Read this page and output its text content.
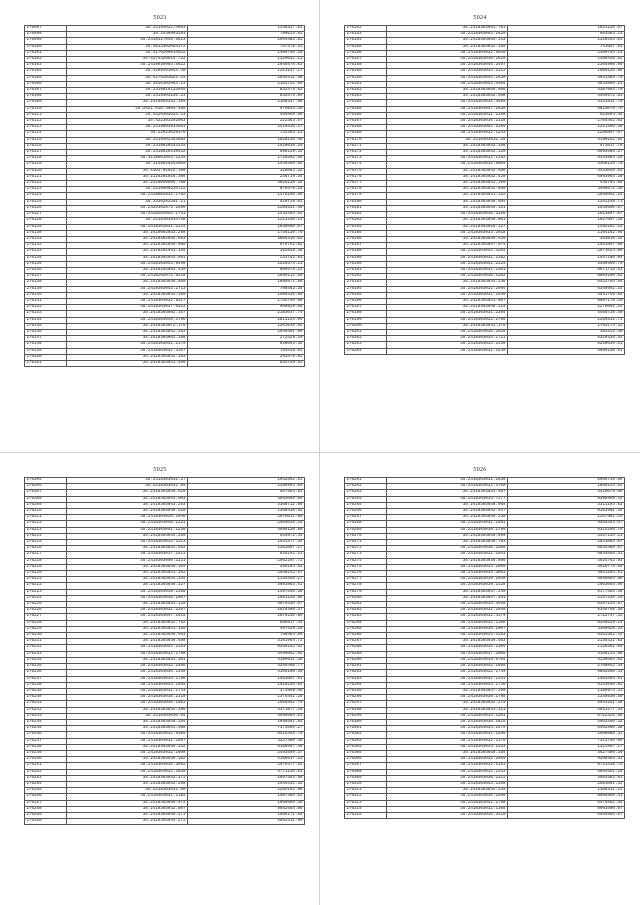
5023
276097	35.2419202174663	1336427.01
276098	35.2430993193	788614.62
276099	35.2418327046.5623	2964483.81
276100	35.4013302054372	737376.31
276101	35.4170200014832	1480756.18
276102	35.4274320614.722	1320032.12
276103	35.2418039963.5622	2045576.63
276104	35.4209363843.40	1213137.17
276105	35.4275203023.14	2694412.58
276106	35.3916103963.23	2153741.69
276107	35.2418019133045	832475.62
276108	35.2419303226.23	833473.89
276109	35.2419603332.194	2160337.56
276110	35.2621.010.3083.489	979834.39
276111	35.4320302033.13	455999.98
276112	35.422303202063	222363.57
276113	35.2419603833561	2415415.27
276114	35.22623026376	732303.13
276115	35.2419202353682	1828136.46
276116	35.2418020243319	1529039.29
276117	35.2418620319932	696139.34
276118	35.3118601043.2334	1720302.65
276119	35.3146020243059	1449309.55
276120	35.4303.01024.169	328083.32
276121	35.2116201016.306	236719.34
276122	35.2419040094.788	4816228.35
276123	35.2419600234722	879376.26
276124	35.2418002632.1792	1376196.56
276125	35.2416202201.21	520726.01
276126	35.2420302673.2599	2285531.40
276127	35.2418203053.1791	1432403.52
276128	35.2418103934738	1213336.13
276129	35.2418301031.1214	1838666.07
276130	35.2419602033.298	1736139.79
276131	35.2418302034.653	3605316.02
276132	35.2418302036.966	879752.62
276133	35.2418202043.104	392838.38
276134	35.2418302043.891	233762.81
276135	35.2418303043.8496	1520373.21
276136	35.2418203053.439	869575.23
276137	35.2418202072.9218	2689112.50
276138	35.2418303036.850	1886971.89
276139	35.2418303043.2713	798462.34
276140	35.2418303043.169	1989335.89
276141	35.2418303032.9317	1792759.60
276142	35.2418303037.6412	968828.85
276143	35.2418303082.157	2183037.75
276144	35.2418303046.3796	2811124.09
276145	35.2418303072.176	1201639.92
276146	35.2418303042.263	2945401.89
276147	35.2418303051.358	272428.20
276148	35.2418303042.2170	848093.36
276149	35.2418303041.3167	764438.83
276150	35.2418303032.163	293475.82
276151	35.2418303041.486	634759.92
5024
276152	35.2418303051.781	1823120.07
276153	35.2418303053.1629	963483.13
276154	35.2418303053.143	1320343.03
276155	35.2418303032.169	741667.93
276156	35.2418303032.9035	2380793.14
276157	35.2418303036.1625	2396436.52
276158	35.2418303046.2497	2364908.06
276159	35.2418303033.1212	1089126.86
276160	35.2418303044.2430	3031469.70
276161	35.2418303043.6364	3633866.21
276162	35.2418303046.966	3387803.70
276163	35.2418303032.568	3469972.61
276164	35.2418303032.4484	3141531.78
276165	35.2418303047.1638	6615076.76
276166	35.2418303031.1268	923094.45
276167	35.2418303036.2118	1784462.02
276168	35.2418303052.1264	2211366.30
276169	35.2418303032.1243	1286697.07
276170	35.2418303032.26	4190152.54
276171	35.2418303032.168	572017.76
276172	35.2418303032.120	6993586.37
276173	35.2418303032.1192	9344883.16
276174	35.2418303032.6004	4366125.76
276175	35.2418303032.696	3443049.92
276176	35.2418303032.420	6993964.30
276177	35.2418303032.100	446781.09
276178	35.2418303032.880	3466672.36
276179	35.2418303031.152	2695091.24
276180	35.2418303038.604	1251246.71
276181	35.2418303035.161	2549650.07
276182	35.2418303035.3195	1613897.67
276183	35.2418303030.801	1627607.26
276184	35.2418303028.127	1484181.14
276185	35.2418303033.2018	2104162.95
276186	35.2418303036.639	353810.34
276187	35.2418303047.074	1951697.60
276188	35.2418303044.4204	2071024.89
276189	35.2418303031.1182	1547186.04
276190	35.2418303041.2224	3459469.70
276191	35.2418303031.1301	6671715.51
276192	35.2418303036.1282	8883100.62
276193	35.2418303034.236	6433764.55
276194	35.2418303032.2994	6349561.14
276195	35.2418303031.1449	4541759.64
276196	35.2418303031.607	8987178.10
276197	35.2418303048.123	2270091.24
276198	35.2418303031.2204	4466738.40
276199	35.2418303032.2706	2264631.71
276200	35.2418303031.175	1703174.32
276201	35.2418303036.2016	383332.40
276202	35.2418303033.1721	6319336.34
276203	35.2418303033.1436	5250639.61
276204	35.2418303031.1440	5689198.61
5025
276205	35.2418303032.27	2942562.53
276206	35.2418303032.84	2396993.09
276207	35.2418303046.616	657903.81
276208	35.2418303043.503	3063068.05
276209	35.2418303043.253	3368712.86
276210	35.2418303046.526	1368438.82
276211	35.2418303036.1046	2076011.80
276212	35.2418303048.1221	2565038.28
276213	35.2418303051.1239	4086120.80
276214	35.2418303034.259	534872.44
276215	35.2418303033.1213	1441377.34
276216	35.2418303032.652	1281607.27
276217	35.2418303037.1413	835251.31
276218	35.2418303050.1221	1962207.71
276219	35.2418303035.164	295184.91
276220	35.2418303031.162	2558243.97
276221	35.2418303034.344	1134348.27
276222	35.2418303036.327	3683863.51
276223	35.2418303038.2168	1497646.38
276224	35.2418303036.2087	1681228.66
276225	35.2418303033.110	4675330.07
276226	35.2418303031.2397	2615398.37
276227	35.2418303047.1015	2870238.89
276228	35.2418303032.762	856817.42
276229	35.2418303031.165	497526.28
276230	35.2418303045.463	758484.80
276231	35.2418303036.650	3181964.72
276232	35.2418303044.2153	8265152.62
276233	35.2418303032.1798	3499052.92
276234	35.2418303033.301	3180931.36
276235	35.2418303032.1556	3265498.77
276236	35.2418303036.1345	3165108.36
276237	35.2418303034.1798	1401057.61
276238	35.2418303043.1944	1010236.04
276239	35.2418303031.1741	373958.56
276240	35.2418303035.2310	1375441.25
276241	35.2418303036.1561	1565552.79
276242	35.2418303032.266	3371877.20
276243	35.2418303036.64	4986664.81
276244	35.2418303036.254	1695591.54
276245	35.2418303031.588	7373566.27
276246	35.2418303032.9305	6414345.78
276247	35.2418303031.1897	3237380.46
276248	35.2418303035.142	8168557.38
276249	35.2418303032.1608	2493599.37
276250	35.2418303036.162	4166637.53
276251	35.2418303035.3092	2979377.52
276252	35.2418303032.1030	4771130.61
276253	35.2418303032.372	2697453.98
276254	35.2418303032.256	2544431.32
276255	35.2418303032.99	2264152.96
276256	35.2418303031.1182	1987385.62
276257	35.2418303036.972	1866699.38
276258	35.2418303032.807	8652554.86
276259	35.2418303036.273	1566171.55
276260	35.2418303034.272	5852411.99
5026
276261	35.2418303031.1036	8906739.96
276262	35.2418303032.3760	1869233.52
276263	35.2418303033.567	4410679.96
276264	35.2418303034.7277	8386998.43
276265	35.2418303036.965	3311193.62
276266	35.2418303032.547	8163901.34
276267	35.2418303036.230	1257981.19
276268	35.2418303031.1991	9465393.67
276269	35.2418303036.1799	6314296.78
276270	35.2418303035.694	3347134.13
276271	35.2418303036.783	2831604.67
276272	35.2418303038.3369	6635389.67
276273	35.2418303031.1041	6644655.31
276274	35.2418303036.806	3624762.93
276275	35.2418303033.2069	3618774.69
276276	35.2418303039.3051	4651254.91
276277	35.2418303039.2049	6956664.90
276278	35.2418303039.2128	2963054.96
276279	35.2418303037.240	5177453.36
276280	35.2418303037.391	2137336.19
276281	35.2418303034.3459	6397233.87
276282	35.2418303032.2049	6345758.36
276283	35.2418303032.4174	1722747.32
276284	35.2418303032.1166	8356629.23
276285	35.2418303036.2007	3360528.33
276286	35.2418303034.4163	8351362.43
276287	35.2418303036.553	2135322.62
276288	35.2418303035.1304	1135362.05
276289	35.2418303037.2005	4156213.56
276290	35.2418303039.5764	4138693.62
276291	35.2418303042.1059	2760842.39
276292	35.2418303032.1744	9852566.43
276293	35.2418303041.1341	1483464.61
276294	35.2418303043.1736	6143646.82
276295	35.2418303037.290	1188973.31
276296	35.2418303036.1795	2335630.50
276297	35.2418303032.274	5943251.36
276298	35.2418303033.311	5613177.43
276299	35.2418303034.1201	6712326.56
276300	35.2418303036.1615	3963350.32
276301	35.2418303034.1575	6452860.38
276302	35.2418303031.1456	2568686.31
276303	35.2418303032.1376	7313765.09
276304	35.2418303033.1233	1111957.17
276305	35.2418303035.155	3627486.30
276306	35.2418303032.2604	9268463.33
276307	35.2418303032.6151	8741418.75
276308	35.2418303032.2243	5053451.29
276309	35.2418303036.2312	3953383.03
276310	35.2418303043.1266	2581051.32
276311	35.2418303032.234	1356311.21
276312	35.2418303036.2596	8086950.43
276313	35.2418303041.2798	9475581.35
276314	35.2418303032.1365	8993406.87
276315	35.2418303035.3410	6959966.07
